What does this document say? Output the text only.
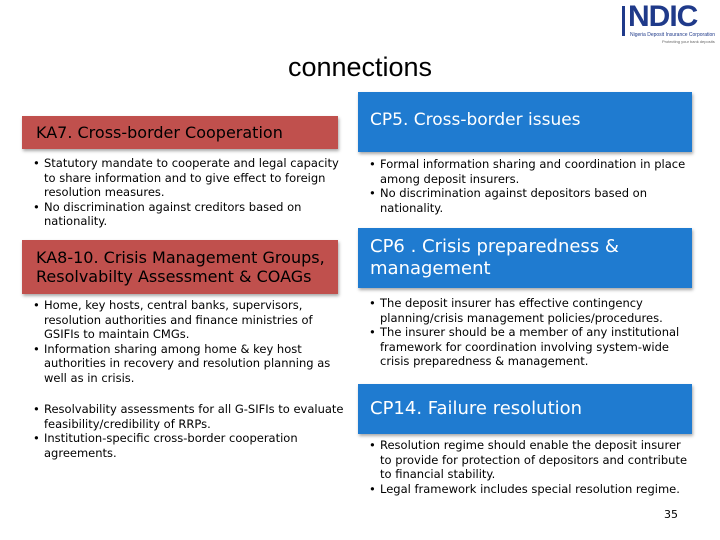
NDIC
Nigeria Deposit Insurance Corporation
Protecting your bank deposits
connections
KA7. Cross-border Cooperation
• Statutory mandate to cooperate and legal capacity to share information and to give effect to foreign resolution measures.
• No discrimination against creditors based on nationality.
KA8-10. Crisis Management Groups, Resolvabilty Assessment & COAGs
• Home, key hosts, central banks, supervisors, resolution authorities and finance ministries of GSIFIs to maintain CMGs.
• Information sharing among home & key host authorities in recovery and resolution planning as well as in crisis.
• Resolvability assessments for all G-SIFIs to evaluate feasibility/credibility of RRPs.
• Institution-specific cross-border cooperation agreements.
CP5. Cross-border issues
• Formal information sharing and coordination in place among deposit insurers.
• No discrimination against depositors based on nationality.
CP6 . Crisis preparedness & management
• The deposit insurer has effective contingency planning/crisis management policies/procedures.
• The insurer should be a member of any institutional framework for coordination involving system-wide crisis preparedness & management.
CP14. Failure resolution
• Resolution regime should enable the deposit insurer to provide for protection of depositors and contribute to financial stability.
• Legal framework includes special resolution regime.
35
